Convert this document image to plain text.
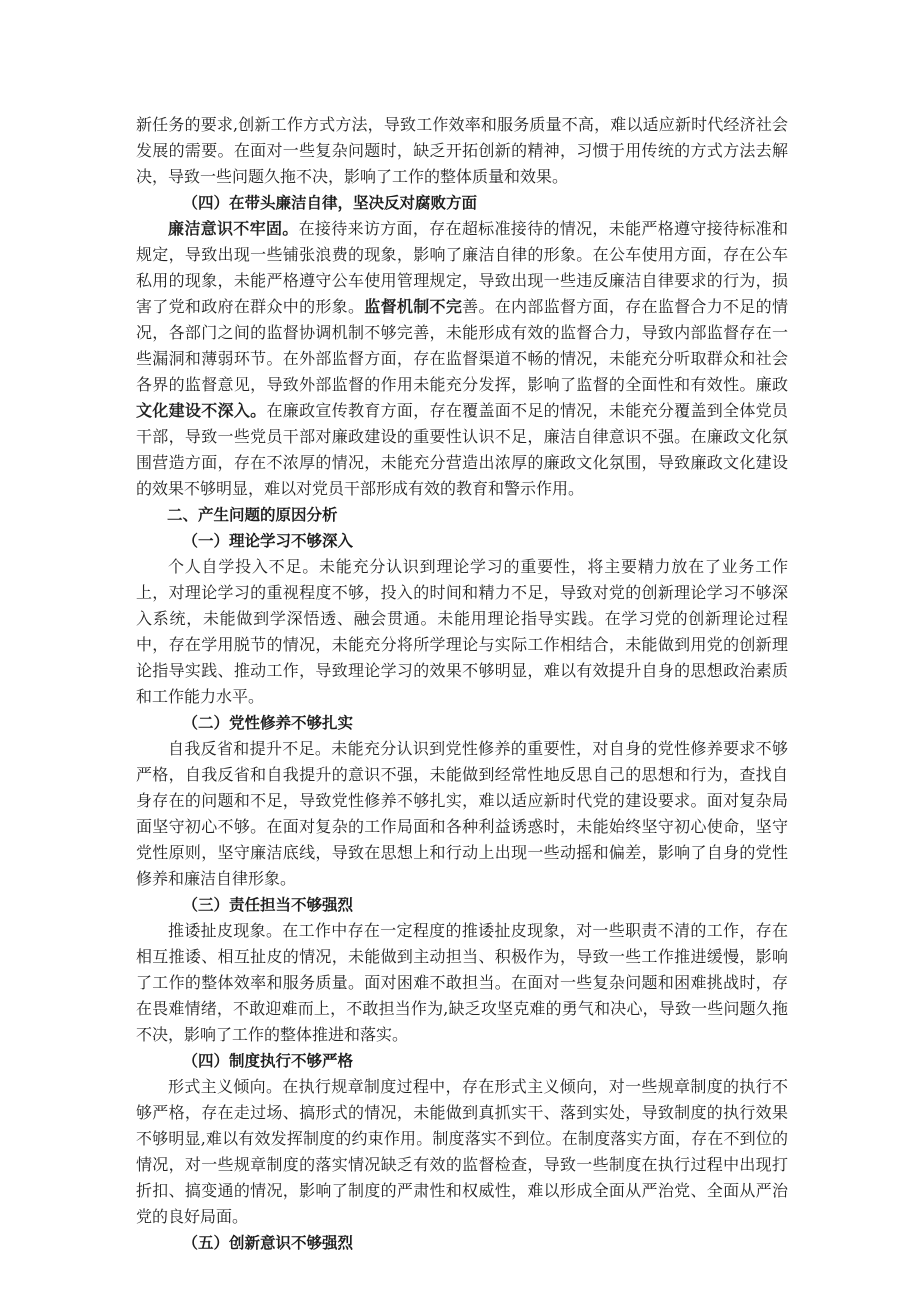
新任务的要求,创新工作方式方法，导致工作效率和服务质量不高，难以适应新时代经济社会发展的需要。在面对一些复杂问题时，缺乏开拓创新的精神，习惯于用传统的方式方法去解决，导致一些问题久拖不决，影响了工作的整体质量和效果。

（四）在带头廉洁自律，坚决反对腐败方面

廉洁意识不牢固。在接待来访方面，存在超标准接待的情况，未能严格遵守接待标准和规定，导致出现一些铺张浪费的现象，影响了廉洁自律的形象。在公车使用方面，存在公车私用的现象，未能严格遵守公车使用管理规定，导致出现一些违反廉洁自律要求的行为，损害了党和政府在群众中的形象。监督机制不完善。在内部监督方面，存在监督合力不足的情况，各部门之间的监督协调机制不够完善，未能形成有效的监督合力，导致内部监督存在一些漏洞和薄弱环节。在外部监督方面，存在监督渠道不畅的情况，未能充分听取群众和社会各界的监督意见，导致外部监督的作用未能充分发挥，影响了监督的全面性和有效性。廉政文化建设不深入。在廉政宣传教育方面，存在覆盖面不足的情况，未能充分覆盖到全体党员干部，导致一些党员干部对廉政建设的重要性认识不足，廉洁自律意识不强。在廉政文化氛围营造方面，存在不浓厚的情况，未能充分营造出浓厚的廉政文化氛围，导致廉政文化建设的效果不够明显，难以对党员干部形成有效的教育和警示作用。

二、产生问题的原因分析

（一）理论学习不够深入

个人自学投入不足。未能充分认识到理论学习的重要性，将主要精力放在了业务工作上，对理论学习的重视程度不够，投入的时间和精力不足，导致对党的创新理论学习不够深入系统，未能做到学深悟透、融会贯通。未能用理论指导实践。在学习党的创新理论过程中，存在学用脱节的情况，未能充分将所学理论与实际工作相结合，未能做到用党的创新理论指导实践、推动工作，导致理论学习的效果不够明显，难以有效提升自身的思想政治素质和工作能力水平。

（二）党性修养不够扎实

自我反省和提升不足。未能充分认识到党性修养的重要性，对自身的党性修养要求不够严格，自我反省和自我提升的意识不强，未能做到经常性地反思自己的思想和行为，查找自身存在的问题和不足，导致党性修养不够扎实，难以适应新时代党的建设要求。面对复杂局面坚守初心不够。在面对复杂的工作局面和各种利益诱惑时，未能始终坚守初心使命，坚守党性原则，坚守廉洁底线，导致在思想上和行动上出现一些动摇和偏差，影响了自身的党性修养和廉洁自律形象。

（三）责任担当不够强烈

推诿扯皮现象。在工作中存在一定程度的推诿扯皮现象，对一些职责不清的工作，存在相互推诿、相互扯皮的情况，未能做到主动担当、积极作为，导致一些工作推进缓慢，影响了工作的整体效率和服务质量。面对困难不敢担当。在面对一些复杂问题和困难挑战时，存在畏难情绪，不敢迎难而上，不敢担当作为,缺乏攻坚克难的勇气和决心，导致一些问题久拖不决，影响了工作的整体推进和落实。

（四）制度执行不够严格

形式主义倾向。在执行规章制度过程中，存在形式主义倾向，对一些规章制度的执行不够严格，存在走过场、搞形式的情况，未能做到真抓实干、落到实处，导致制度的执行效果不够明显,难以有效发挥制度的约束作用。制度落实不到位。在制度落实方面，存在不到位的情况，对一些规章制度的落实情况缺乏有效的监督检查，导致一些制度在执行过程中出现打折扣、搞变通的情况，影响了制度的严肃性和权威性，难以形成全面从严治党、全面从严治党的良好局面。

（五）创新意识不够强烈
